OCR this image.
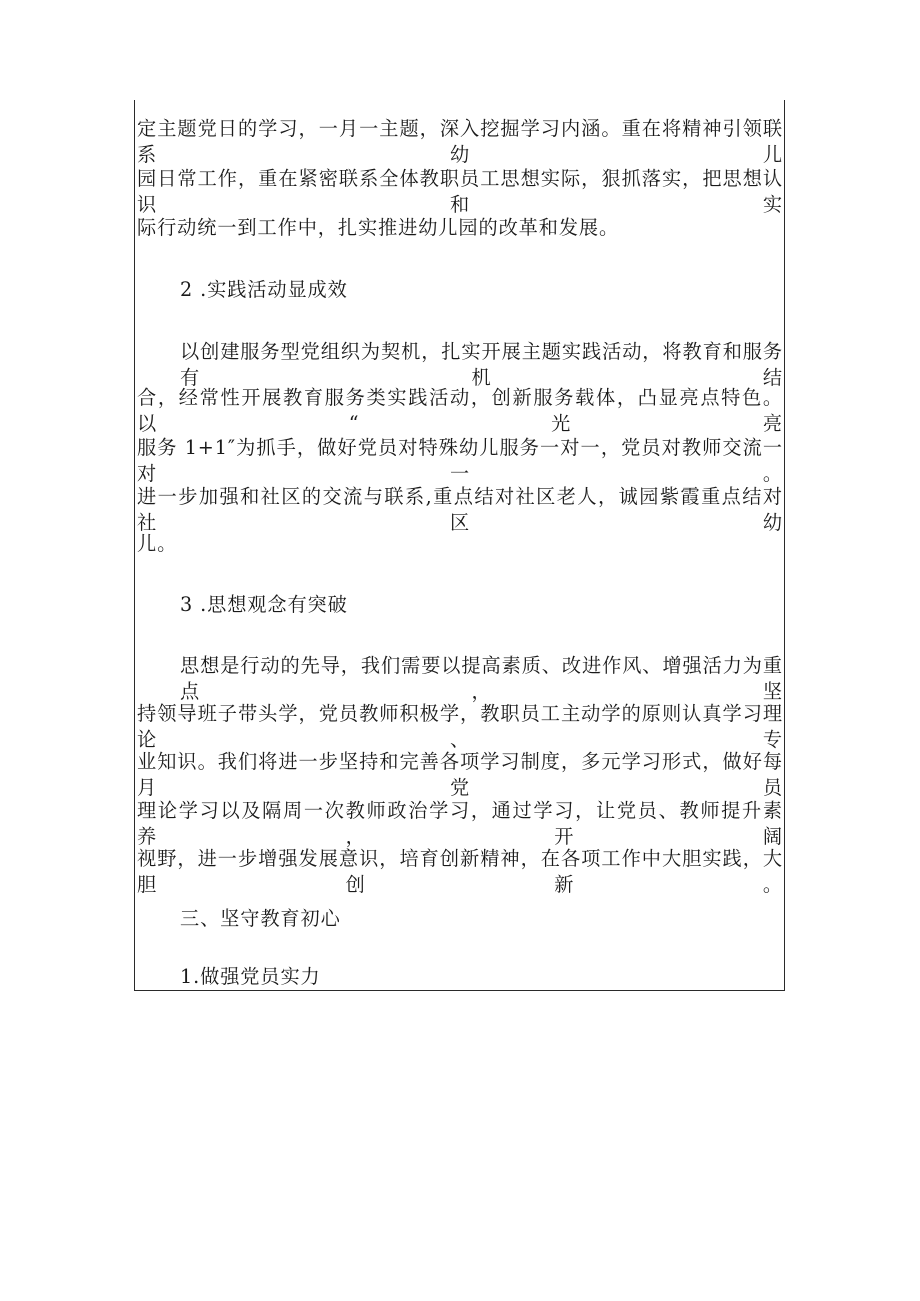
定主题党日的学习，一月一主题，深入挖掘学习内涵。重在将精神引领联系幼儿

园日常工作，重在紧密联系全体教职员工思想实际，狠抓落实，把思想认识和实

际行动统一到工作中，扎实推进幼儿园的改革和发展。

2 .实践活动显成效

以创建服务型党组织为契机，扎实开展主题实践活动，将教育和服务有机结

合，经常性开展教育服务类实践活动，创新服务载体，凸显亮点特色。以“光亮

服务 1+1″为抓手，做好党员对特殊幼儿服务一对一，党员对教师交流一对一。

进一步加强和社区的交流与联系,重点结对社区老人，诚园紫霞重点结对社区幼

儿。

3 .思想观念有突破

思想是行动的先导，我们需要以提高素质、改进作风、增强活力为重点，坚

持领导班子带头学，党员教师积极学，教职员工主动学的原则认真学习理论、专

业知识。我们将进一步坚持和完善各项学习制度，多元学习形式，做好每月党员

理论学习以及隔周一次教师政治学习，通过学习，让党员、教师提升素养，开阔

视野，进一步增强发展意识，培育创新精神，在各项工作中大胆实践，大胆创新。

三、坚守教育初心

1.做强党员实力
